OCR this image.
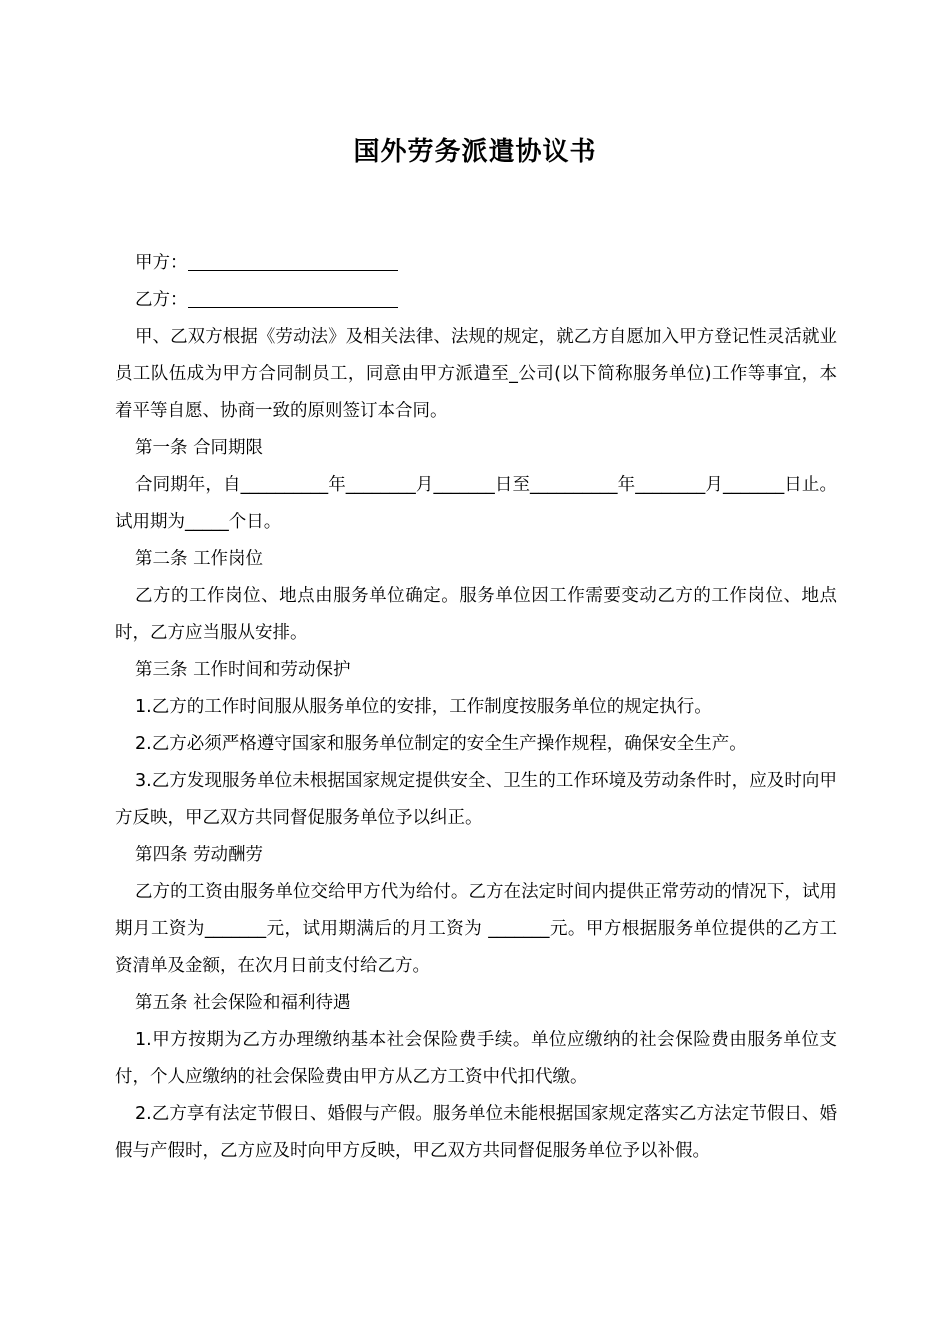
国外劳务派遣协议书

甲方：

乙方：

甲、乙双方根据《劳动法》及相关法律、法规的规定，就乙方自愿加入甲方登记性灵活就业员工队伍成为甲方合同制员工，同意由甲方派遣至_公司(以下简称服务单位)工作等事宜，本着平等自愿、协商一致的原则签订本合同。

第一条 合同期限

合同期年，自__________年________月_______日至__________年________月_______日止。试用期为_____个日。

第二条 工作岗位

乙方的工作岗位、地点由服务单位确定。服务单位因工作需要变动乙方的工作岗位、地点时，乙方应当服从安排。

第三条 工作时间和劳动保护

1.乙方的工作时间服从服务单位的安排，工作制度按服务单位的规定执行。

2.乙方必须严格遵守国家和服务单位制定的安全生产操作规程，确保安全生产。

3.乙方发现服务单位未根据国家规定提供安全、卫生的工作环境及劳动条件时，应及时向甲方反映，甲乙双方共同督促服务单位予以纠正。

第四条 劳动酬劳

乙方的工资由服务单位交给甲方代为给付。乙方在法定时间内提供正常劳动的情况下，试用期月工资为_______元，试用期满后的月工资为 _______元。甲方根据服务单位提供的乙方工资清单及金额，在次月日前支付给乙方。

第五条 社会保险和福利待遇

1.甲方按期为乙方办理缴纳基本社会保险费手续。单位应缴纳的社会保险费由服务单位支付，个人应缴纳的社会保险费由甲方从乙方工资中代扣代缴。

2.乙方享有法定节假日、婚假与产假。服务单位未能根据国家规定落实乙方法定节假日、婚假与产假时，乙方应及时向甲方反映，甲乙双方共同督促服务单位予以补假。
